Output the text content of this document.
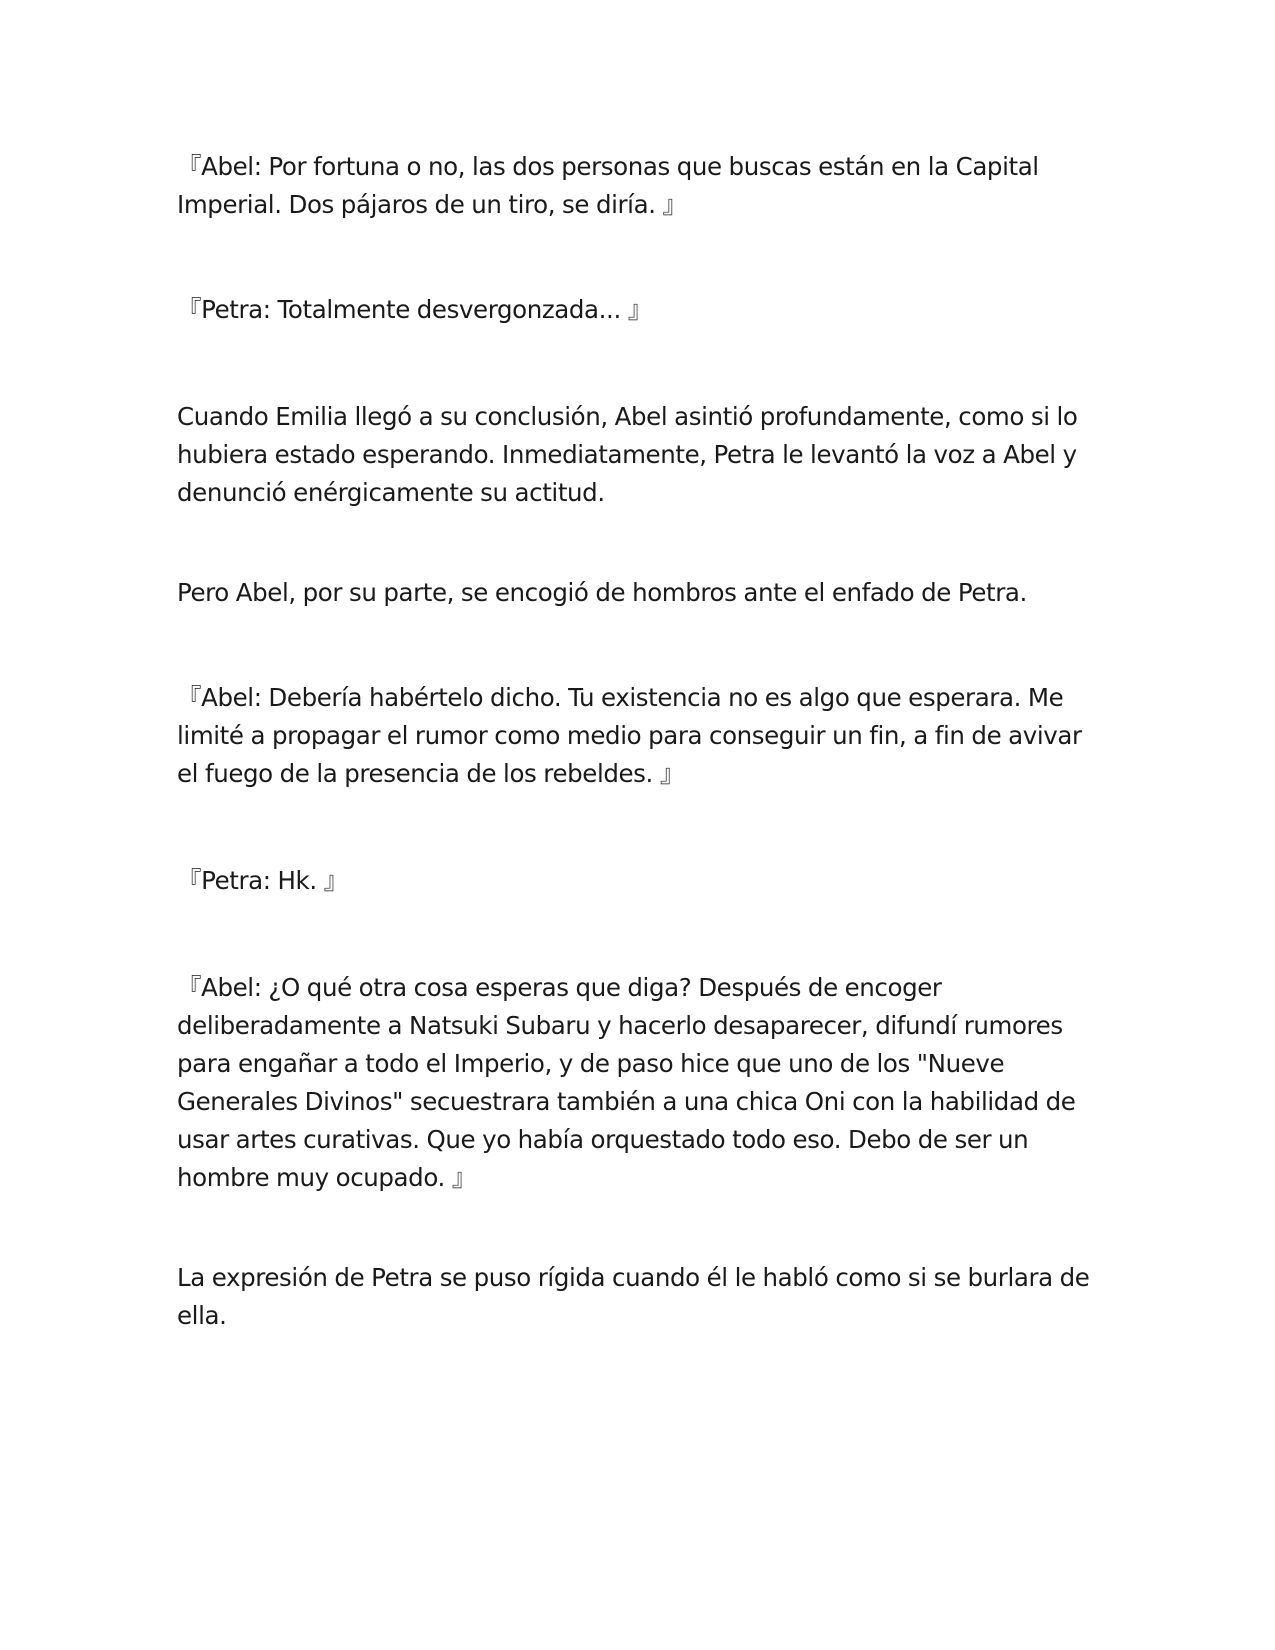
『Abel: Por fortuna o no, las dos personas que buscas están en la Capital Imperial. Dos pájaros de un tiro, se diría. 』

『Petra: Totalmente desvergonzada... 』

Cuando Emilia llegó a su conclusión, Abel asintió profundamente, como si lo hubiera estado esperando. Inmediatamente, Petra le levantó la voz a Abel y denunció enérgicamente su actitud.

Pero Abel, por su parte, se encogió de hombros ante el enfado de Petra.

『Abel: Debería habértelo dicho. Tu existencia no es algo que esperara. Me limité a propagar el rumor como medio para conseguir un fin, a fin de avivar el fuego de la presencia de los rebeldes. 』

『Petra: Hk. 』

『Abel: ¿O qué otra cosa esperas que diga? Después de encoger deliberadamente a Natsuki Subaru y hacerlo desaparecer, difundí rumores para engañar a todo el Imperio, y de paso hice que uno de los "Nueve Generales Divinos" secuestrara también a una chica Oni con la habilidad de usar artes curativas. Que yo había orquestado todo eso. Debo de ser un hombre muy ocupado. 』

La expresión de Petra se puso rígida cuando él le habló como si se burlara de ella.
